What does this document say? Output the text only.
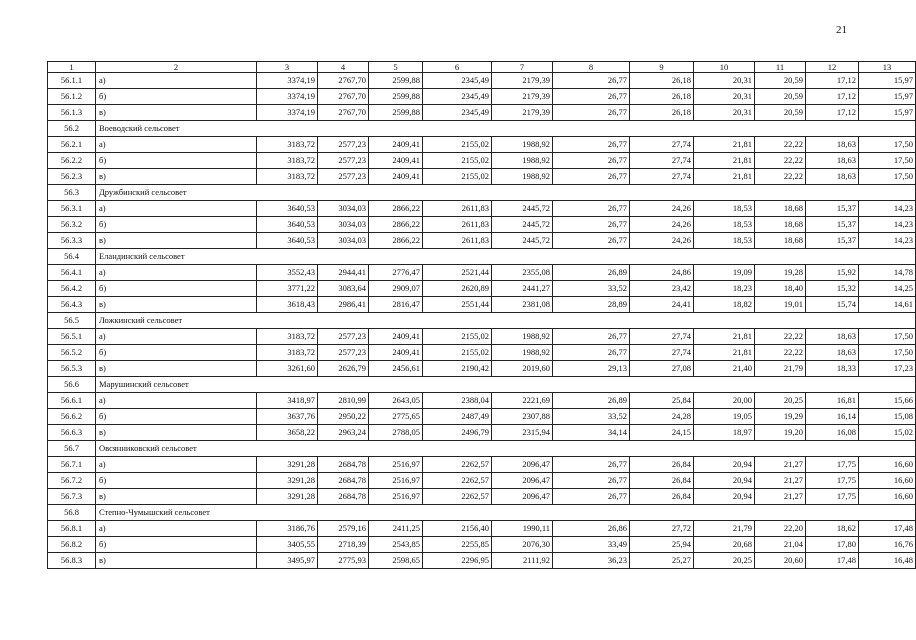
21
1	2	3	4	5	6	7	8	9	10	11	12	13
56.1.1	а)	3374,19	2767,70	2599,88	2345,49	2179,39	26,77	26,18	20,31	20,59	17,12	15,97
56.1.2	б)	3374,19	2767,70	2599,88	2345,49	2179,39	26,77	26,18	20,31	20,59	17,12	15,97
56.1.3	в)	3374,19	2767,70	2599,88	2345,49	2179,39	26,77	26,18	20,31	20,59	17,12	15,97
56.2	Воеводский сельсовет											
56.2.1	а)	3183,72	2577,23	2409,41	2155,02	1988,92	26,77	27,74	21,81	22,22	18,63	17,50
56.2.2	б)	3183,72	2577,23	2409,41	2155,02	1988,92	26,77	27,74	21,81	22,22	18,63	17,50
56.2.3	в)	3183,72	2577,23	2409,41	2155,02	1988,92	26,77	27,74	21,81	22,22	18,63	17,50
56.3	Дружбинский сельсовет											
56.3.1	а)	3640,53	3034,03	2866,22	2611,83	2445,72	26,77	24,26	18,53	18,68	15,37	14,23
56.3.2	б)	3640,53	3034,03	2866,22	2611,83	2445,72	26,77	24,26	18,53	18,68	15,37	14,23
56.3.3	в)	3640,53	3034,03	2866,22	2611,83	2445,72	26,77	24,26	18,53	18,68	15,37	14,23
56.4	Еландинский сельсовет											
56.4.1	а)	3552,43	2944,41	2776,47	2521,44	2355,08	26,89	24,86	19,09	19,28	15,92	14,78
56.4.2	б)	3771,22	3083,64	2909,07	2620,89	2441,27	33,52	23,42	18,23	18,40	15,32	14,25
56.4.3	в)	3618,43	2986,41	2816,47	2551,44	2381,08	28,89	24,41	18,82	19,01	15,74	14,61
56.5	Ложкинский сельсовет											
56.5.1	а)	3183,72	2577,23	2409,41	2155,02	1988,92	26,77	27,74	21,81	22,22	18,63	17,50
56.5.2	б)	3183,72	2577,23	2409,41	2155,02	1988,92	26,77	27,74	21,81	22,22	18,63	17,50
56.5.3	в)	3261,60	2626,79	2456,61	2190,42	2019,60	29,13	27,08	21,40	21,79	18,33	17,23
56.6	Марушинский сельсовет											
56.6.1	а)	3418,97	2810,99	2643,05	2388,04	2221,69	26,89	25,84	20,00	20,25	16,81	15,66
56.6.2	б)	3637,76	2950,22	2775,65	2487,49	2307,88	33,52	24,28	19,05	19,29	16,14	15,08
56.6.3	в)	3658,22	2963,24	2788,05	2496,79	2315,94	34,14	24,15	18,97	19,20	16,08	15,02
56.7	Овсянниковский сельсовет											
56.7.1	а)	3291,28	2684,78	2516,97	2262,57	2096,47	26,77	26,84	20,94	21,27	17,75	16,60
56.7.2	б)	3291,28	2684,78	2516,97	2262,57	2096,47	26,77	26,84	20,94	21,27	17,75	16,60
56.7.3	в)	3291,28	2684,78	2516,97	2262,57	2096,47	26,77	26,84	20,94	21,27	17,75	16,60
56.8	Степно-Чумышский сельсовет											
56.8.1	а)	3186,76	2579,16	2411,25	2156,40	1990,11	26,86	27,72	21,79	22,20	18,62	17,48
56.8.2	б)	3405,55	2718,39	2543,85	2255,85	2076,30	33,49	25,94	20,68	21,04	17,80	16,76
56.8.3	в)	3495,97	2775,93	2598,65	2296,95	2111,92	36,23	25,27	20,25	20,60	17,48	16,48
